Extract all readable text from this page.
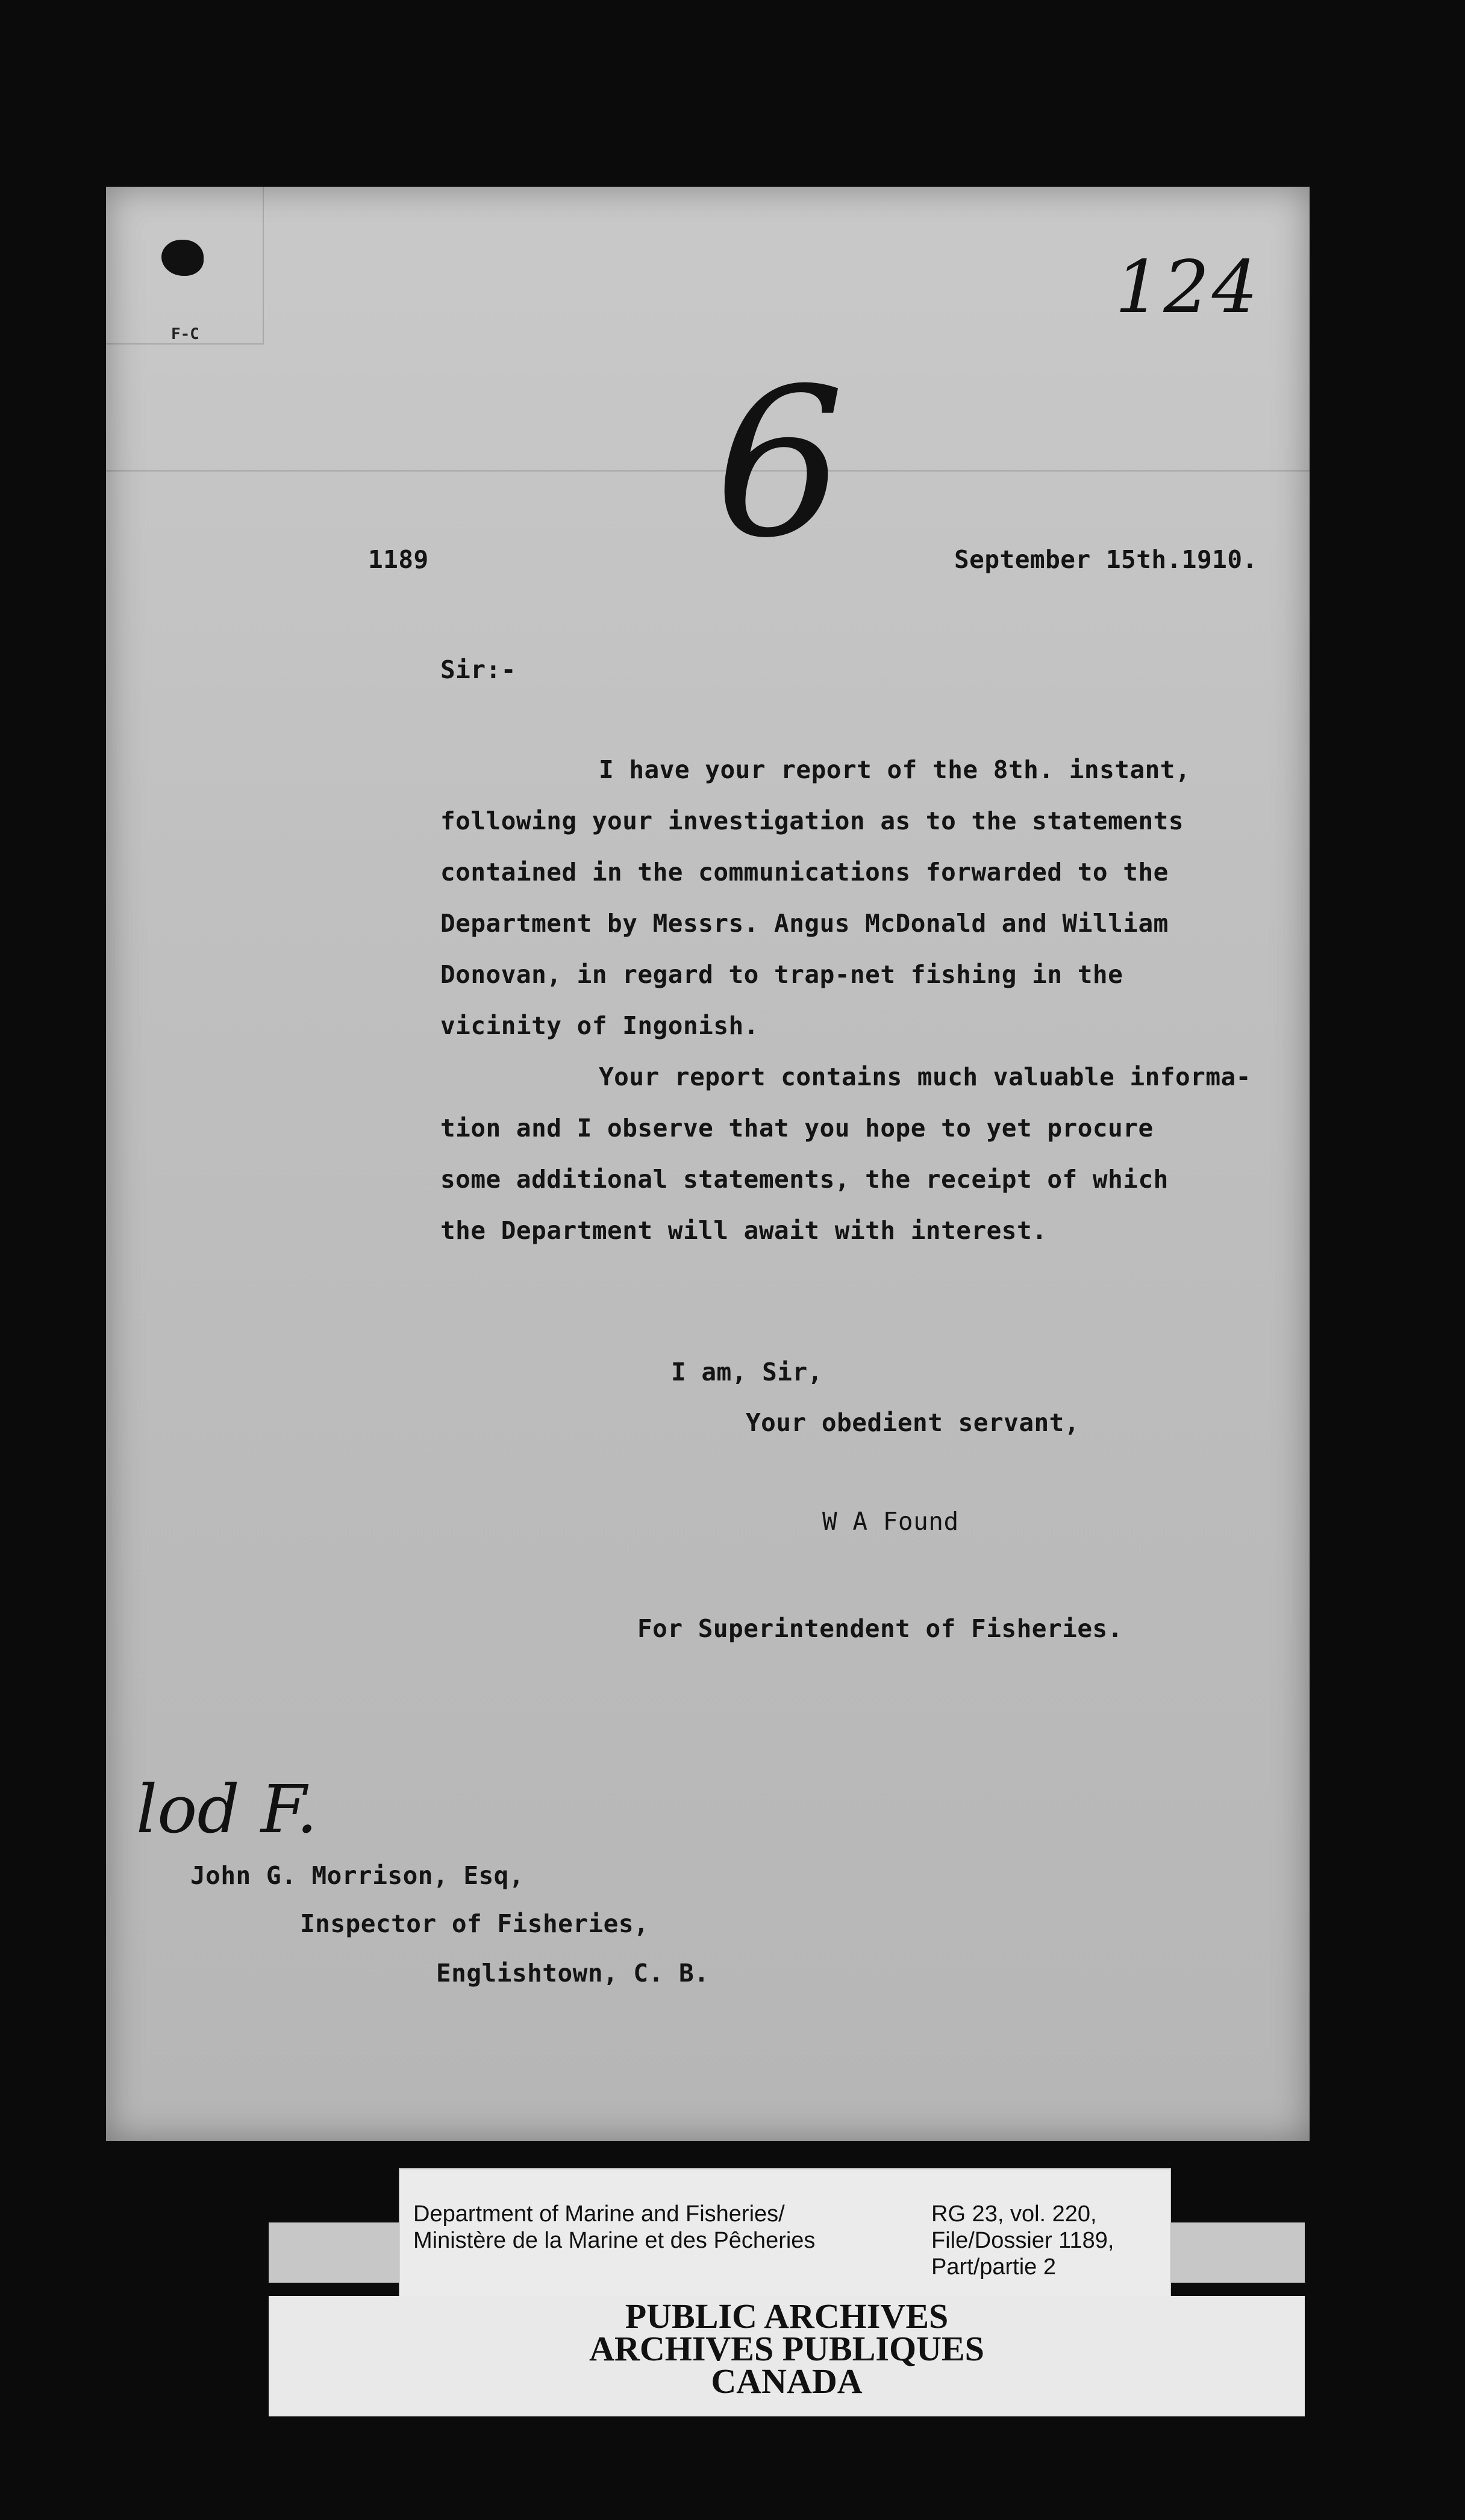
F-C
124
6
1189	September 15th.1910.
Sir:-
I have your report of the 8th. instant,
following your investigation as to the statements
contained in the communications forwarded to the
Department by Messrs. Angus McDonald and William
Donovan, in regard to trap-net fishing in the
vicinity of Ingonish.
Your report contains much valuable informa-
tion and I observe that you hope to yet procure
some additional statements, the receipt of which
the Department will await with interest.
I am, Sir,
Your obedient servant,
W A Found
For Superintendent of Fisheries.
lod F.
John G. Morrison, Esq,
Inspector of Fisheries,
Englishtown, C. B.
Department of Marine and Fisheries/
Ministère de la Marine et des Pêcheries
RG 23, vol. 220,
File/Dossier 1189,
Part/partie 2
PUBLIC ARCHIVES
ARCHIVES PUBLIQUES
CANADA
